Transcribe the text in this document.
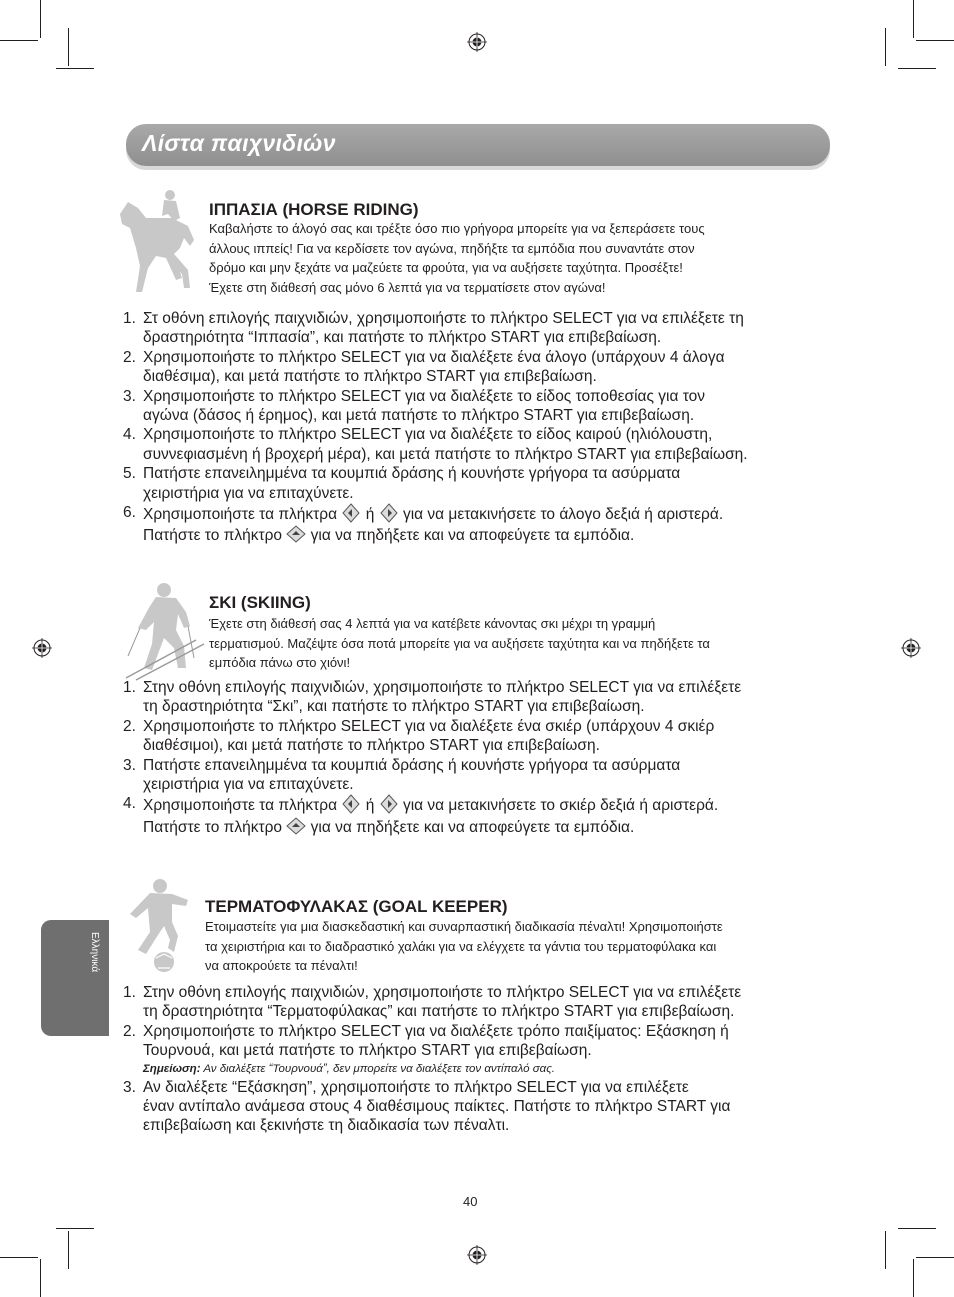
Λίστα παιχνιδιών
ΙΠΠΑΣΙΑ (HORSE RIDING)
Καβαλήστε το άλογό σας και τρέξτε όσο πιο γρήγορα μπορείτε για να ξεπεράσετε τους
άλλους ιππείς! Για να κερδίσετε τον αγώνα, πηδήξτε τα εμπόδια που συναντάτε στον
δρόμο και μην ξεχάτε να μαζεύετε τα φρούτα, για να αυξήσετε ταχύτητα. Προσέξτε!
Έχετε στη διάθεσή σας μόνο 6 λεπτά για να τερματίσετε στον αγώνα!
1. Στ οθόνη επιλογής παιχνιδιών, χρησιμοποιήστε το πλήκτρο SELECT για να επιλέξετε τη
δραστηριότητα “Ιππασία”, και πατήστε το πλήκτρο START για επιβεβαίωση.
2. Χρησιμοποιήστε το πλήκτρο SELECT για να διαλέξετε ένα άλογο (υπάρχουν 4 άλογα
διαθέσιμα), και μετά πατήστε το πλήκτρο START για επιβεβαίωση.
3. Χρησιμοποιήστε το πλήκτρο SELECT για να διαλέξετε το είδος τοποθεσίας για τον
αγώνα (δάσος ή έρημος), και μετά πατήστε το πλήκτρο START για επιβεβαίωση.
4. Χρησιμοποιήστε το πλήκτρο SELECT για να διαλέξετε το είδος καιρού (ηλιόλουστη,
συννεφιασμένη ή βροχερή μέρα), και μετά πατήστε το πλήκτρο START για επιβεβαίωση.
5. Πατήστε επανειλημμένα τα κουμπιά δράσης ή κουνήστε γρήγορα τα ασύρματα
χειριστήρια για να επιταχύνετε.
6. Χρησιμοποιήστε τα πλήκτρα ή για να μετακινήσετε το άλογο δεξιά ή αριστερά.
Πατήστε το πλήκτρο για να πηδήξετε και να αποφεύγετε τα εμπόδια.
ΣΚΙ (SKIING)
Έχετε στη διάθεσή σας 4 λεπτά για να κατέβετε κάνοντας σκι μέχρι τη γραμμή
τερματισμού. Μαζέψτε όσα ποτά μπορείτε για να αυξήσετε ταχύτητα και να πηδήξετε τα
εμπόδια πάνω στο χιόνι!
1. Στην οθόνη επιλογής παιχνιδιών, χρησιμοποιήστε το πλήκτρο SELECT για να επιλέξετε
τη δραστηριότητα “Σκι”, και πατήστε το πλήκτρο START για επιβεβαίωση.
2. Χρησιμοποιήστε το πλήκτρο SELECT για να διαλέξετε ένα σκιέρ (υπάρχουν 4 σκιέρ
διαθέσιμοι), και μετά πατήστε το πλήκτρο START για επιβεβαίωση.
3. Πατήστε επανειλημμένα τα κουμπιά δράσης ή κουνήστε γρήγορα τα ασύρματα
χειριστήρια για να επιταχύνετε.
4. Χρησιμοποιήστε τα πλήκτρα ή για να μετακινήσετε το σκιέρ δεξιά ή αριστερά.
Πατήστε το πλήκτρο για να πηδήξετε και να αποφεύγετε τα εμπόδια.
ΤΕΡΜΑΤΟΦΥΛΑΚΑΣ (GOAL KEEPER)
Ετοιμαστείτε για μια διασκεδαστική και συναρπαστική διαδικασία πέναλτι! Χρησιμοποιήστε
τα χειριστήρια και το διαδραστικό χαλάκι για να ελέγχετε τα γάντια του τερματοφύλακα και
να αποκρούετε τα πέναλτι!
1. Στην οθόνη επιλογής παιχνιδιών, χρησιμοποιήστε το πλήκτρο SELECT για να επιλέξετε
τη δραστηριότητα “Τερματοφύλακας” και πατήστε το πλήκτρο START για επιβεβαίωση.
2. Χρησιμοποιήστε το πλήκτρο SELECT για να διαλέξετε τρόπο παιξίματος: Εξάσκηση ή
Τουρνουά, και μετά πατήστε το πλήκτρο START για επιβεβαίωση.
Σημείωση: Αν διαλέξετε “Τουρνουά”, δεν μπορείτε να διαλέξετε τον αντίπαλό σας.
3. Αν διαλέξετε “Εξάσκηση”, χρησιμοποιήστε το πλήκτρο SELECT για να επιλέξετε
έναν αντίπαλο ανάμεσα στους 4 διαθέσιμους παίκτες. Πατήστε το πλήκτρο START για
επιβεβαίωση και ξεκινήστε τη διαδικασία των πέναλτι.
Ελληνικά
40
